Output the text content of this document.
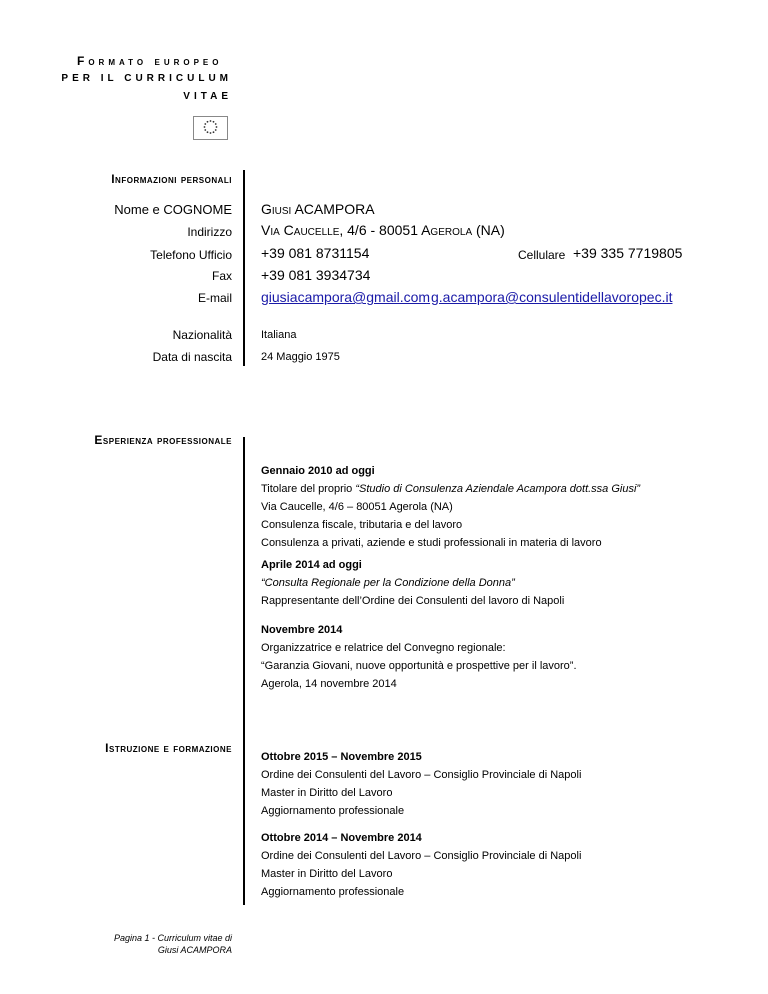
Formato europeo
PER IL CURRICULUM
VITAE
Informazioni personali
Nome e COGNOME Giusi ACAMPORA
Indirizzo Via Caucelle, 4/6 - 80051 Agerola (NA)
Telefono Ufficio +39 081 8731154	Cellulare +39 335 7719805
Fax +39 081 3934734
E-mail giusiacampora@gmail.com g.acampora@consulentidellavoropec.it
Nazionalità	Italiana
Data di nascita	24 Maggio 1975
Esperienza professionale
Gennaio 2010 ad oggi
Titolare del proprio “Studio di Consulenza Aziendale Acampora dott.ssa Giusi”
Via Caucelle, 4/6 – 80051 Agerola (NA)
Consulenza fiscale, tributaria e del lavoro
Consulenza a privati, aziende e studi professionali in materia di lavoro
Aprile 2014 ad oggi
“Consulta Regionale per la Condizione della Donna”
Rappresentante dell’Ordine dei Consulenti del lavoro di Napoli
Novembre 2014
Organizzatrice e relatrice del Convegno regionale:
“Garanzia Giovani, nuove opportunità e prospettive per il lavoro”.
Agerola, 14 novembre 2014
Istruzione e formazione
Ottobre 2015 – Novembre 2015
Ordine dei Consulenti del Lavoro – Consiglio Provinciale di Napoli
Master in Diritto del Lavoro
Aggiornamento professionale
Ottobre 2014 – Novembre 2014
Ordine dei Consulenti del Lavoro – Consiglio Provinciale di Napoli
Master in Diritto del Lavoro
Aggiornamento professionale
Pagina 1 - Curriculum vitae di
Giusi ACAMPORA
